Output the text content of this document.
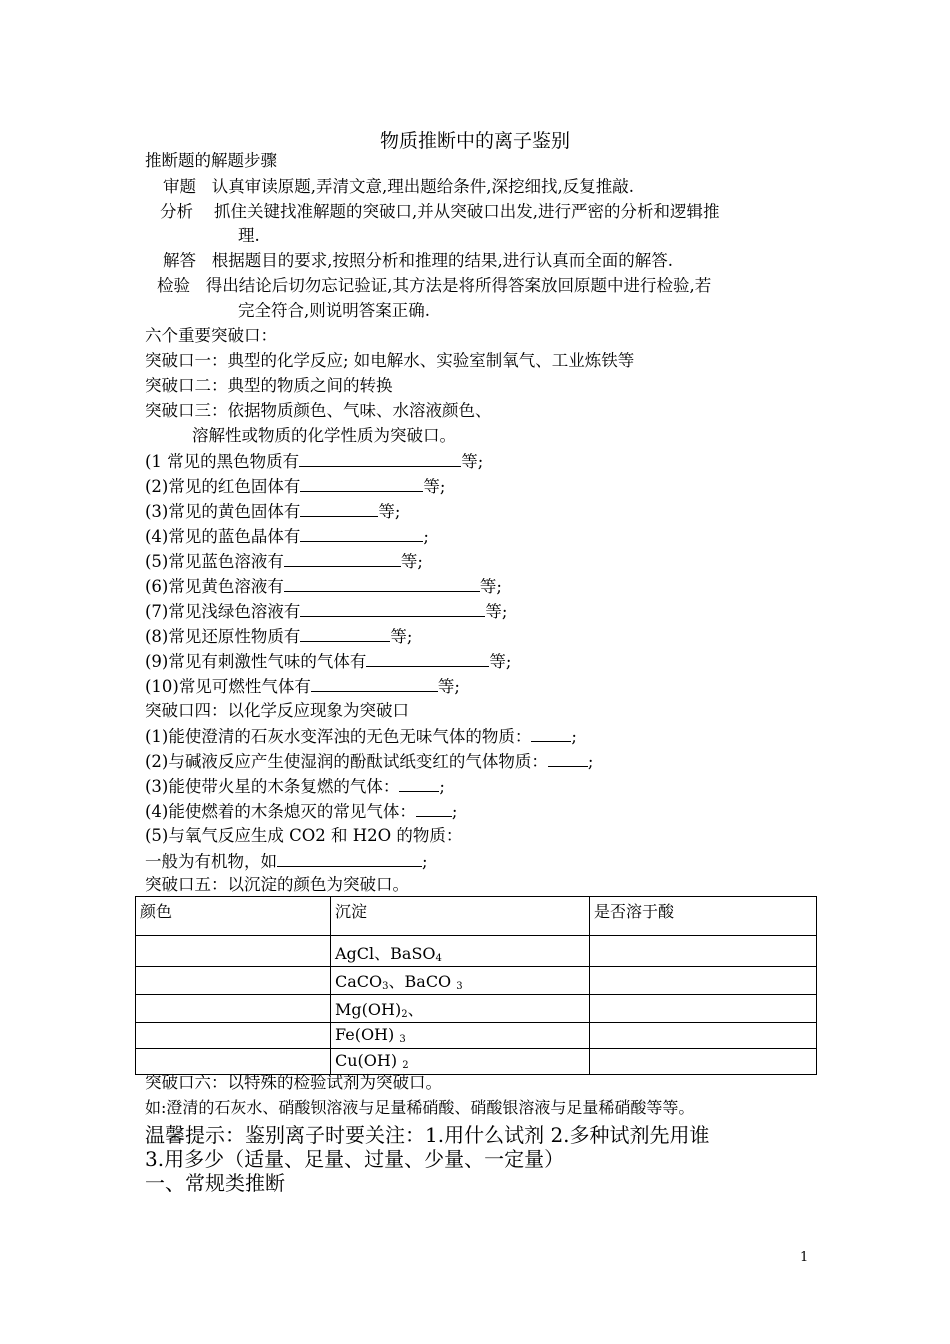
物质推断中的离子鉴别
推断题的解题步骤
审题 认真审读原题,弄清文意,理出题给条件,深挖细找,反复推敲.
分析 抓住关键找准解题的突破口,并从突破口出发,进行严密的分析和逻辑推
理.
解答 根据题目的要求,按照分析和推理的结果,进行认真而全面的解答.
检验 得出结论后切勿忘记验证,其方法是将所得答案放回原题中进行检验,若
完全符合,则说明答案正确.
六个重要突破口：
突破口一：典型的化学反应; 如电解水、实验室制氧气、工业炼铁等
突破口二：典型的物质之间的转换
突破口三：依据物质颜色、气味、水溶液颜色、
溶解性或物质的化学性质为突破口。
(1 常见的黑色物质有	等;
(2)常见的红色固体有	等;
(3)常见的黄色固体有	等;
(4)常见的蓝色晶体有	;
(5)常见蓝色溶液有	等;
(6)常见黄色溶液有	等;
(7)常见浅绿色溶液有	等;
(8)常见还原性物质有	等;
(9)常见有刺激性气味的气体有	等;
(10)常见可燃性气体有	等;
突破口四：以化学反应现象为突破口
(1)能使澄清的石灰水变浑浊的无色无味气体的物质： ;
(2)与碱液反应产生使湿润的酚酞试纸变红的气体物质： ;
(3)能使带火星的木条复燃的气体： ;
(4)能使燃着的木条熄灭的常见气体： ;
(5)与氧气反应生成 CO2 和 H2O 的物质：
一般为有机物，如	;
突破口五：以沉淀的颜色为突破口。
颜色	沉淀	是否溶于酸
	AgCl、BaSO$_4$	
	CaCO$_3$、BaCO $_3$	
	$Mg(OH)_2$、	
	Fe(OH) $_3$	
	Cu(OH) $_2$	
突破口六：以特殊的检验试剂为突破口。
如:澄清的石灰水、硝酸钡溶液与足量稀硝酸、硝酸银溶液与足量稀硝酸等等。
温馨提示：鉴别离子时要关注：1.用什么试剂 2.多种试剂先用谁
3.用多少（适量、足量、过量、少量、一定量）
一、常规类推断
1
